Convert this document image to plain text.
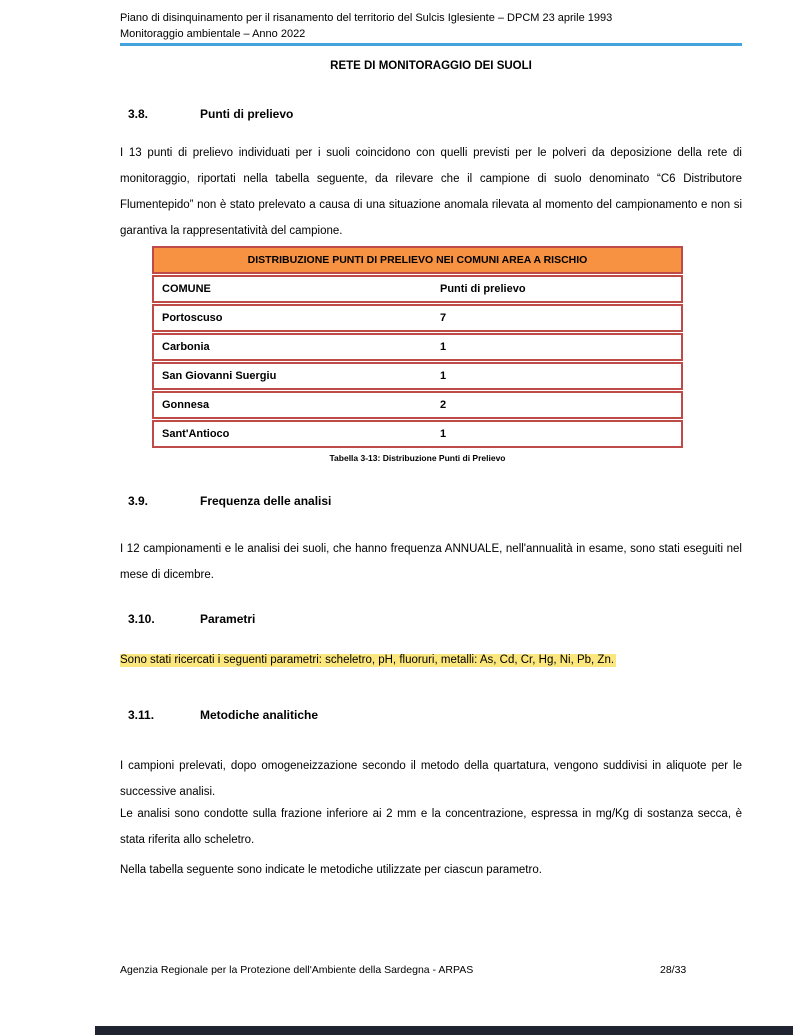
Piano di disinquinamento per il risanamento del territorio del Sulcis Iglesiente – DPCM 23 aprile 1993
Monitoraggio ambientale – Anno 2022
RETE DI MONITORAGGIO DEI SUOLI
3.8.	Punti di prelievo
I 13 punti di prelievo individuati per i suoli coincidono con quelli previsti per le polveri da deposizione della rete di monitoraggio, riportati nella tabella seguente, da rilevare che il campione di suolo denominato “C6 Distributore Flumentepido” non è stato prelevato a causa di una situazione anomala rilevata al momento del campionamento e non si garantiva la rappresentatività del campione.
DISTRIBUZIONE PUNTI DI PRELIEVO NEI COMUNI AREA A RISCHIO
COMUNE	Punti di prelievo
Portoscuso	7
Carbonia	1
San Giovanni Suergiu	1
Gonnesa	2
Sant'Antioco	1
Tabella 3-13: Distribuzione Punti di Prelievo
3.9.	Frequenza delle analisi
I 12 campionamenti e le analisi dei suoli, che hanno frequenza ANNUALE, nell'annualità in esame, sono stati eseguiti nel mese di dicembre.
3.10.	Parametri
Sono stati ricercati i seguenti parametri: scheletro, pH, fluoruri, metalli: As, Cd, Cr, Hg, Ni, Pb, Zn.
3.11.	Metodiche analitiche
I campioni prelevati, dopo omogeneizzazione secondo il metodo della quartatura, vengono suddivisi in aliquote per le successive analisi.
Le analisi sono condotte sulla frazione inferiore ai 2 mm e la concentrazione, espressa in mg/Kg di sostanza secca, è stata riferita allo scheletro.
Nella tabella seguente sono indicate le metodiche utilizzate per ciascun parametro.
Agenzia Regionale per la Protezione dell'Ambiente della Sardegna - ARPAS	28/33
